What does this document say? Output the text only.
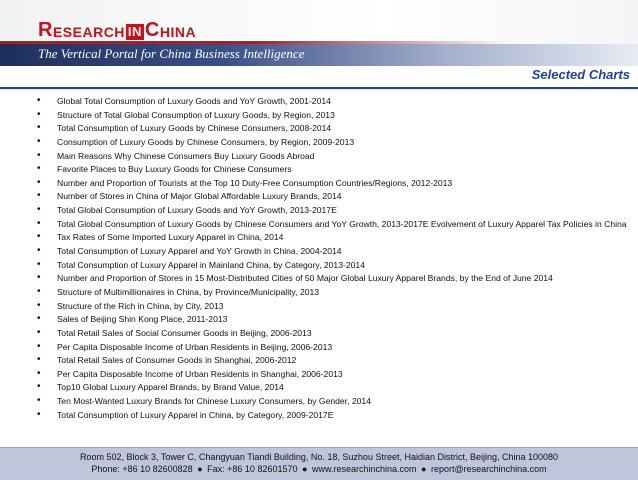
R ESEARCH IN C HINA
The Vertical Portal for China Business Intelligence
Selected Charts
• Global Total Consumption of Luxury Goods and YoY Growth, 2001-2014
• Structure of Total Global Consumption of Luxury Goods, by Region, 2013
• Total Consumption of Luxury Goods by Chinese Consumers, 2008-2014
• Consumption of Luxury Goods by Chinese Consumers, by Region, 2009-2013
• Main Reasons Why Chinese Consumers Buy Luxury Goods Abroad
• Favorite Places to Buy Luxury Goods for Chinese Consumers
• Number and Proportion of Tourists at the Top 10 Duty-Free Consumption Countries/Regions, 2012-2013
• Number of Stores in China of Major Global Affordable Luxury Brands, 2014
• Total Global Consumption of Luxury Goods and YoY Growth, 2013-2017E
• Total Global Consumption of Luxury Goods by Chinese Consumers and YoY Growth, 2013-2017E Evolvement of Luxury Apparel Tax Policies in China
• Tax Rates of Some Imported Luxury Apparel in China, 2014
• Total Consumption of Luxury Apparel and YoY Growth in China, 2004-2014
• Total Consumption of Luxury Apparel in Mainland China, by Category, 2013-2014
• Number and Proportion of Stores in 15 Most-Distributed Cities of 50 Major Global Luxury Apparel Brands, by the End of June 2014
• Structure of Multimillionaires in China, by Province/Municipality, 2013
• Structure of the Rich in China, by City, 2013
• Sales of Beijing Shin Kong Place, 2011-2013
• Total Retail Sales of Social Consumer Goods in Beijing, 2006-2013
• Per Capita Disposable Income of Urban Residents in Beijing, 2006-2013
• Total Retail Sales of Consumer Goods in Shanghai, 2006-2012
• Per Capita Disposable Income of Urban Residents in Shanghai, 2006-2013
• Top10 Global Luxury Apparel Brands, by Brand Value, 2014
• Ten Most-Wanted Luxury Brands for Chinese Luxury Consumers, by Gender, 2014
• Total Consumption of Luxury Apparel in China, by Category, 2009-2017E
Room 502, Block 3, Tower C, Changyuan Tiandi Building, No. 18, Suzhou Street, Haidian District, Beijing, China 100080
Phone: +86 10 82600828 ● Fax: +86 10 82601570 ● www.researchinchina.com ● report@researchinchina.com
